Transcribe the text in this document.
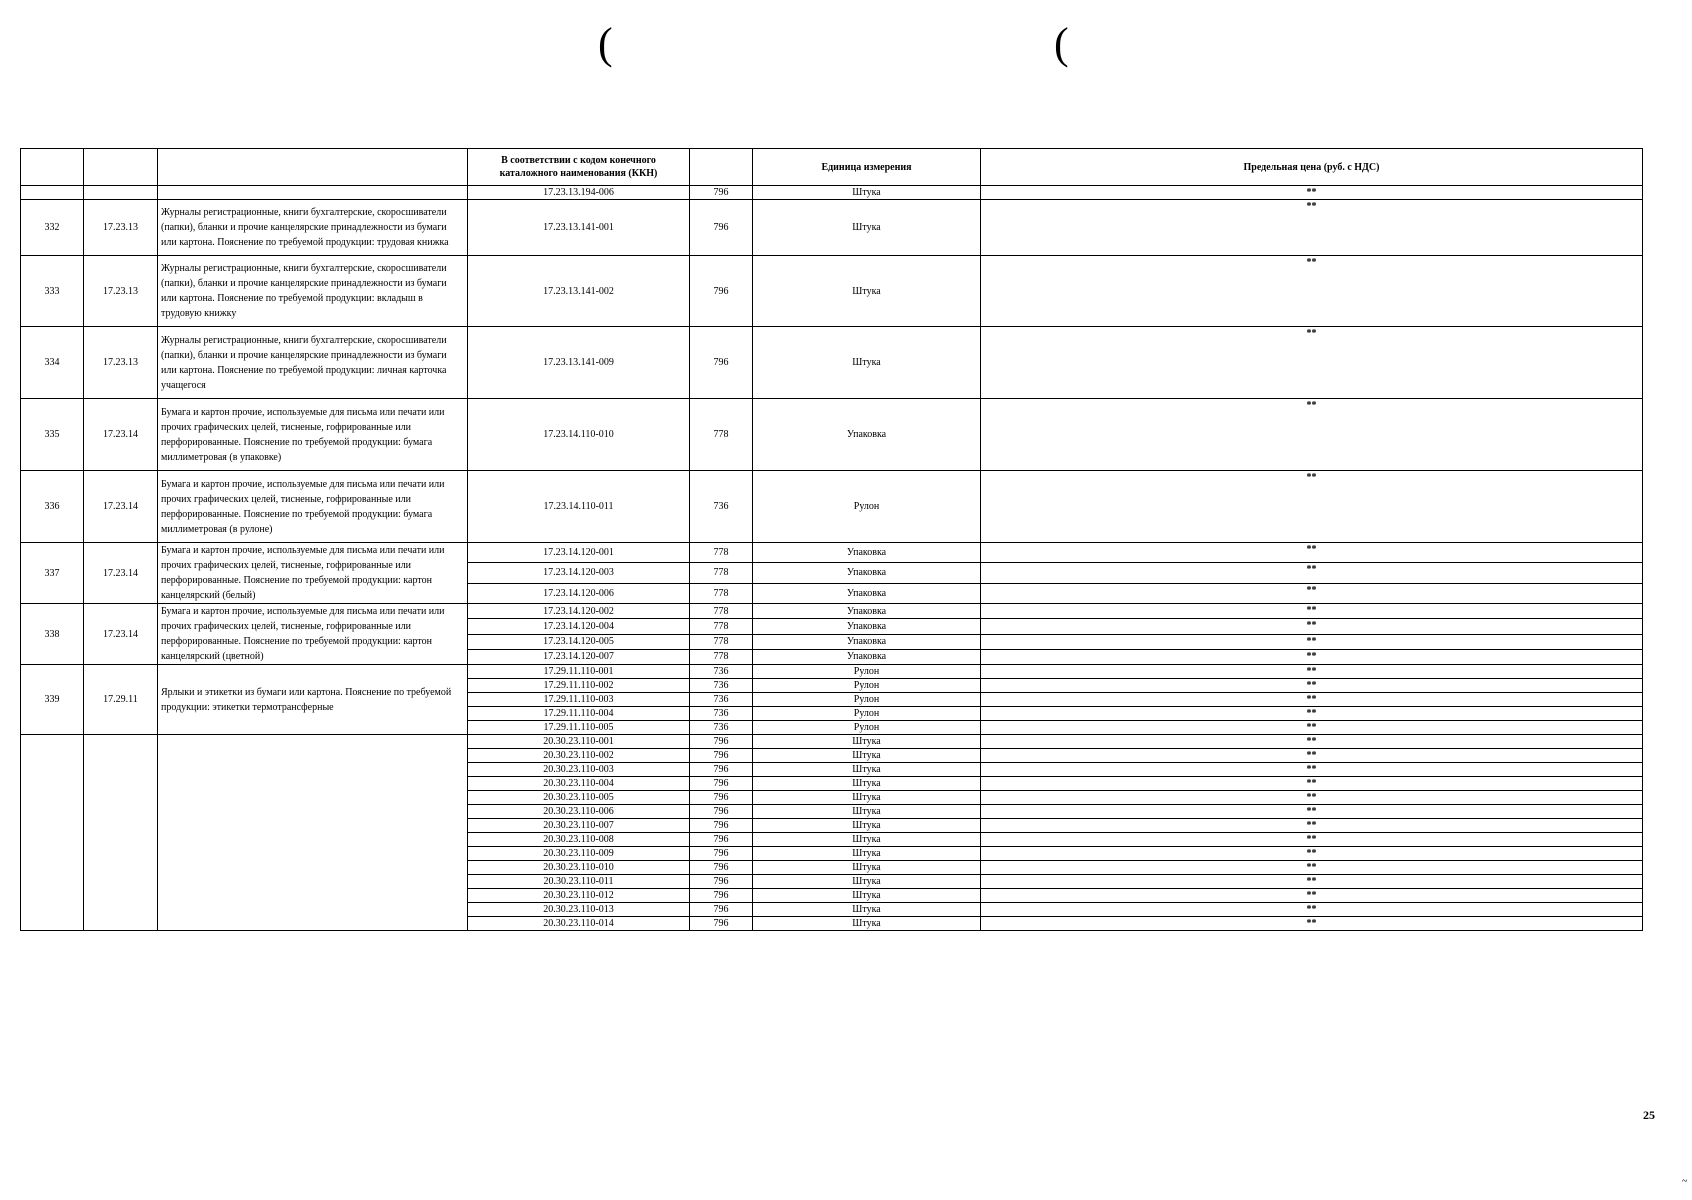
(	(
			В соответствии с кодом конечного каталожного наименования (ККН)		Единица измерения	Предельная цена (руб. с НДС)
			17.23.13.194-006	796	Штука	**
332	17.23.13	Журналы регистрационные, книги бухгалтерские, скоросшиватели (папки), бланки и прочие канцелярские принадлежности из бумаги или картона. Пояснение по требуемой продукции: трудовая книжка	17.23.13.141-001	796	Штука	**
333	17.23.13	Журналы регистрационные, книги бухгалтерские, скоросшиватели (папки), бланки и прочие канцелярские принадлежности из бумаги или картона. Пояснение по требуемой продукции: вкладыш в трудовую книжку	17.23.13.141-002	796	Штука	**
334	17.23.13	Журналы регистрационные, книги бухгалтерские, скоросшиватели (папки), бланки и прочие канцелярские принадлежности из бумаги или картона. Пояснение по требуемой продукции: личная карточка учащегося	17.23.13.141-009	796	Штука	**
335	17.23.14	Бумага и картон прочие, используемые для письма или печати или прочих графических целей, тисненые, гофрированные или перфорированные. Пояснение по требуемой продукции: бумага миллиметровая (в упаковке)	17.23.14.110-010	778	Упаковка	**
336	17.23.14	Бумага и картон прочие, используемые для письма или печати или прочих графических целей, тисненые, гофрированные или перфорированные. Пояснение по требуемой продукции: бумага миллиметровая (в рулоне)	17.23.14.110-011	736	Рулон	**
337	17.23.14	Бумага и картон прочие, используемые для письма или печати или прочих графических целей, тисненые, гофрированные или перфорированные. Пояснение по требуемой продукции: картон канцелярский (белый)	17.23.14.120-001	778	Упаковка	**
			17.23.14.120-003	778	Упаковка	**
			17.23.14.120-006	778	Упаковка	**
338	17.23.14	Бумага и картон прочие, используемые для письма или печати или прочих графических целей, тисненые, гофрированные или перфорированные. Пояснение по требуемой продукции: картон канцелярский (цветной)	17.23.14.120-002	778	Упаковка	**
			17.23.14.120-004	778	Упаковка	**
			17.23.14.120-005	778	Упаковка	**
			17.23.14.120-007	778	Упаковка	**
339	17.29.11	Ярлыки и этикетки из бумаги или картона. Пояснение по требуемой продукции: этикетки термотрансферные	17.29.11.110-001	736	Рулон	**
			17.29.11.110-002	736	Рулон	**
			17.29.11.110-003	736	Рулон	**
			17.29.11.110-004	736	Рулон	**
			17.29.11.110-005	736	Рулон	**
			20.30.23.110-001	796	Штука	**
			20.30.23.110-002	796	Штука	**
			20.30.23.110-003	796	Штука	**
			20.30.23.110-004	796	Штука	**
			20.30.23.110-005	796	Штука	**
			20.30.23.110-006	796	Штука	**
			20.30.23.110-007	796	Штука	**
			20.30.23.110-008	796	Штука	**
			20.30.23.110-009	796	Штука	**
			20.30.23.110-010	796	Штука	**
			20.30.23.110-011	796	Штука	**
			20.30.23.110-012	796	Штука	**
			20.30.23.110-013	796	Штука	**
			20.30.23.110-014	796	Штука	**
25
~
